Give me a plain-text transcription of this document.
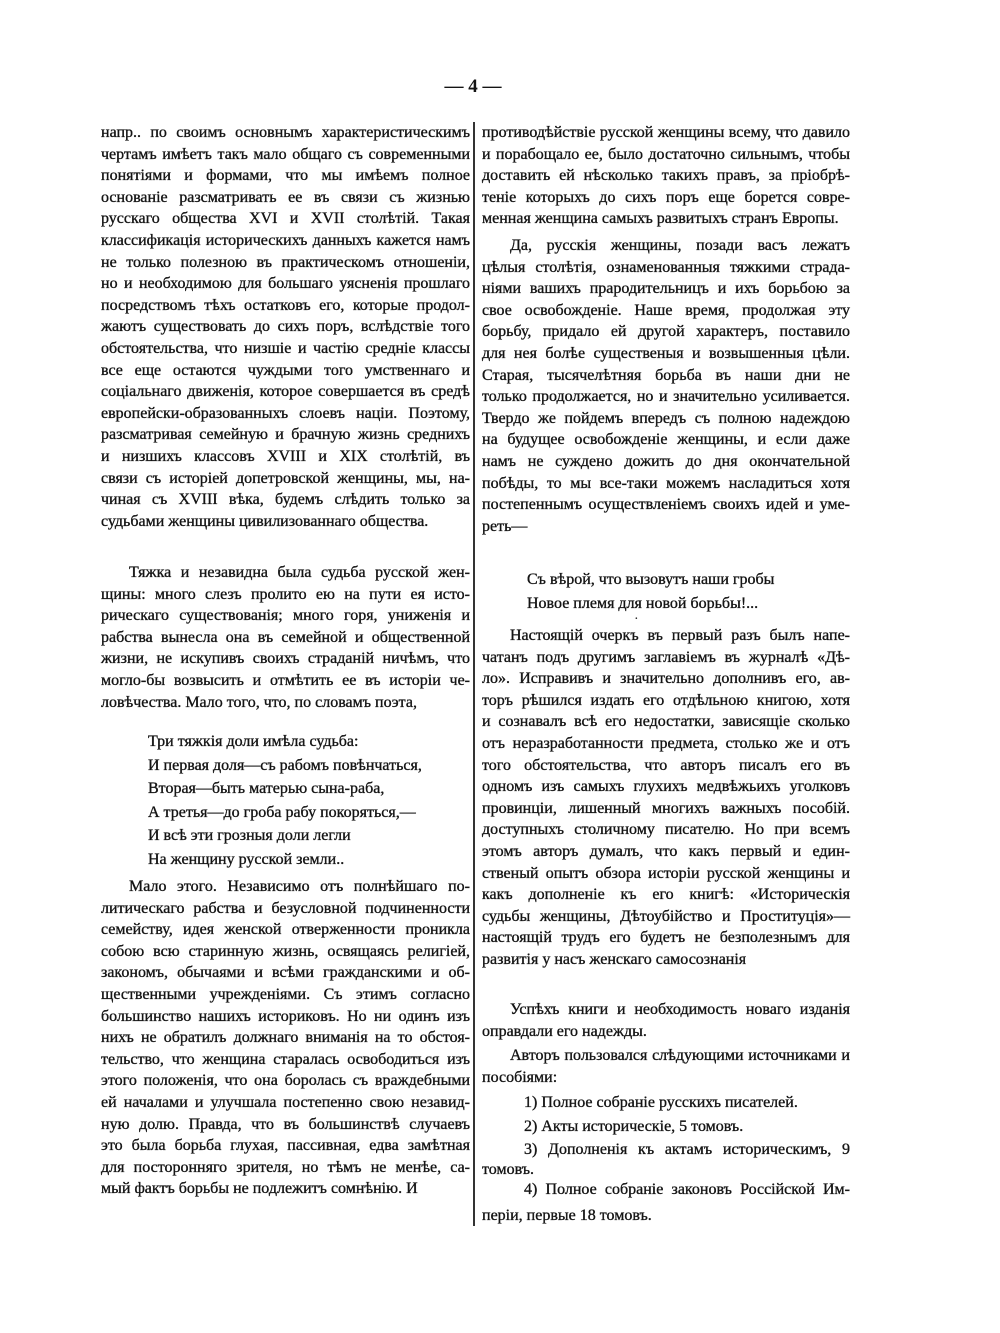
— 4 —
напр.. по своимъ основнымъ характеристическимъ
чертамъ имѣетъ такъ мало общаго съ современными
понятіями и формами, что мы имѣемъ полное
основаніе разсматривать ее въ связи съ жизнью
русскаго общества XVI и XVII столѣтій. Такая
классификація историческихъ данныхъ кажется намъ
не только полезною въ практическомъ отношеніи,
но и необходимою для большаго уясненія прошлаго
посредствомъ тѣхъ остатковъ его, которые продол-
жаютъ существовать до сихъ поръ, вслѣдствіе того
обстоятельства, что низшіе и частію средніе классы
все еще остаются чуждыми того умственнаго и
соціальнаго движенія, которое совершается въ средѣ
европейски-образованныхъ слоевъ націи. Поэтому,
разсматривая семейную и брачную жизнь среднихъ
и низшихъ классовъ XVIII и XIX столѣтій, въ
связи съ исторіей допетровской женщины, мы, на-
чиная съ XVIII вѣка, будемъ слѣдить только за
судьбами женщины цивилизованнаго общества.
Тяжка и незавидна была судьба русской жен-
щины: много слезъ пролито ею на пути ея исто-
рическаго существованія; много горя, униженія и
рабства вынесла она въ семейной и общественной
жизни, не искупивъ своихъ страданій ничѣмъ, что
могло-бы возвысить и отмѣтить ее въ исторіи че-
ловѣчества. Мало того, что, по словамъ поэта,
Три тяжкія доли имѣла судьба:
И первая доля—съ рабомъ повѣнчаться,
Вторая—быть матерью сына-раба,
А третья—до гроба рабу покоряться,—
И всѣ эти грозныя доли легли
На женщину русской земли..
Мало этого. Независимо отъ полнѣйшаго по-
литическаго рабства и безусловной подчиненности
семейству, идея женской отверженности проникла
собою всю старинную жизнь, освящаясь религіей,
закономъ, обычаями и всѣми гражданскими и об-
щественными учрежденіями. Съ этимъ согласно
большинство нашихъ историковъ. Но ни одинъ изъ
нихъ не обратилъ должнаго вниманія на то обстоя-
тельство, что женщина старалась освободиться изъ
этого положенія, что она боролась съ враждебными
ей началами и улучшала постепенно свою незавид-
ную долю. Правда, что въ большинствѣ случаевъ
это была борьба глухая, пассивная, едва замѣтная
для посторонняго зрителя, но тѣмъ не менѣе, са-
мый фактъ борьбы не подлежитъ сомнѣнію. И
противодѣйствіе русской женщины всему, что давило
и порабощало ее, было достаточно сильнымъ, чтобы
доставить ей нѣсколько такихъ правъ, за пріобрѣ-
теніе которыхъ до сихъ поръ еще борется совре-
менная женщина самыхъ развитыхъ странъ Европы.
Да, русскія женщины, позади васъ лежатъ
цѣлыя столѣтія, ознаменованныя тяжкими страда-
ніями вашихъ прародительницъ и ихъ борьбою за
свое освобожденіе. Наше время, продолжая эту
борьбу, придало ей другой характеръ, поставило
для нея болѣе существеныя и возвышенныя цѣли.
Старая, тысячелѣтняя борьба въ наши дни не
только продолжается, но и значительно усиливается.
Твердо же пойдемъ впередъ съ полною надеждою
на будущее освобожденіе женщины, и если даже
намъ не суждено дожить до дня окончательной
побѣды, то мы все-таки можемъ насладиться хотя
постепеннымъ осуществленіемъ своихъ идей и уме-
реть—
Съ вѣрой, что вызовутъ наши гробы
Новое племя для новой борьбы!...
·
Настоящій очеркъ въ первый разъ былъ напе-
чатанъ подъ другимъ заглавіемъ въ журналѣ «Дѣ-
ло». Исправивъ и значительно дополнивъ его, ав-
торъ рѣшился издать его отдѣльною книгою, хотя
и сознавалъ всѣ его недостатки, зависящіе сколько
отъ неразработанности предмета, столько же и отъ
того обстоятельства, что авторъ писалъ его въ
одномъ изъ самыхъ глухихъ медвѣжьихъ уголковъ
провинціи, лишенный многихъ важныхъ пособій.
доступныхъ столичному писателю. Но при всемъ
этомъ авторъ думалъ, что какъ первый и един-
ственый опытъ обзора исторіи русской женщины и
какъ дополненіе къ его книгѣ: «Историческія
судьбы женщины, Дѣтоубійство и Проституція»—
настоящій трудъ его будетъ не безполезнымъ для
развитія у насъ женскаго самосознанія
Успѣхъ книги и необходимость новаго изданія
оправдали его надежды.
Авторъ пользовался слѣдующими источниками и
пособіями:
1) Полное собраніе русскихъ писателей.
2) Акты историческіе, 5 томовъ.
3) Дополненія къ актамъ историческимъ, 9
томовъ.
4) Полное собраніе законовъ Россійской Им-
періи, первые 18 томовъ.
